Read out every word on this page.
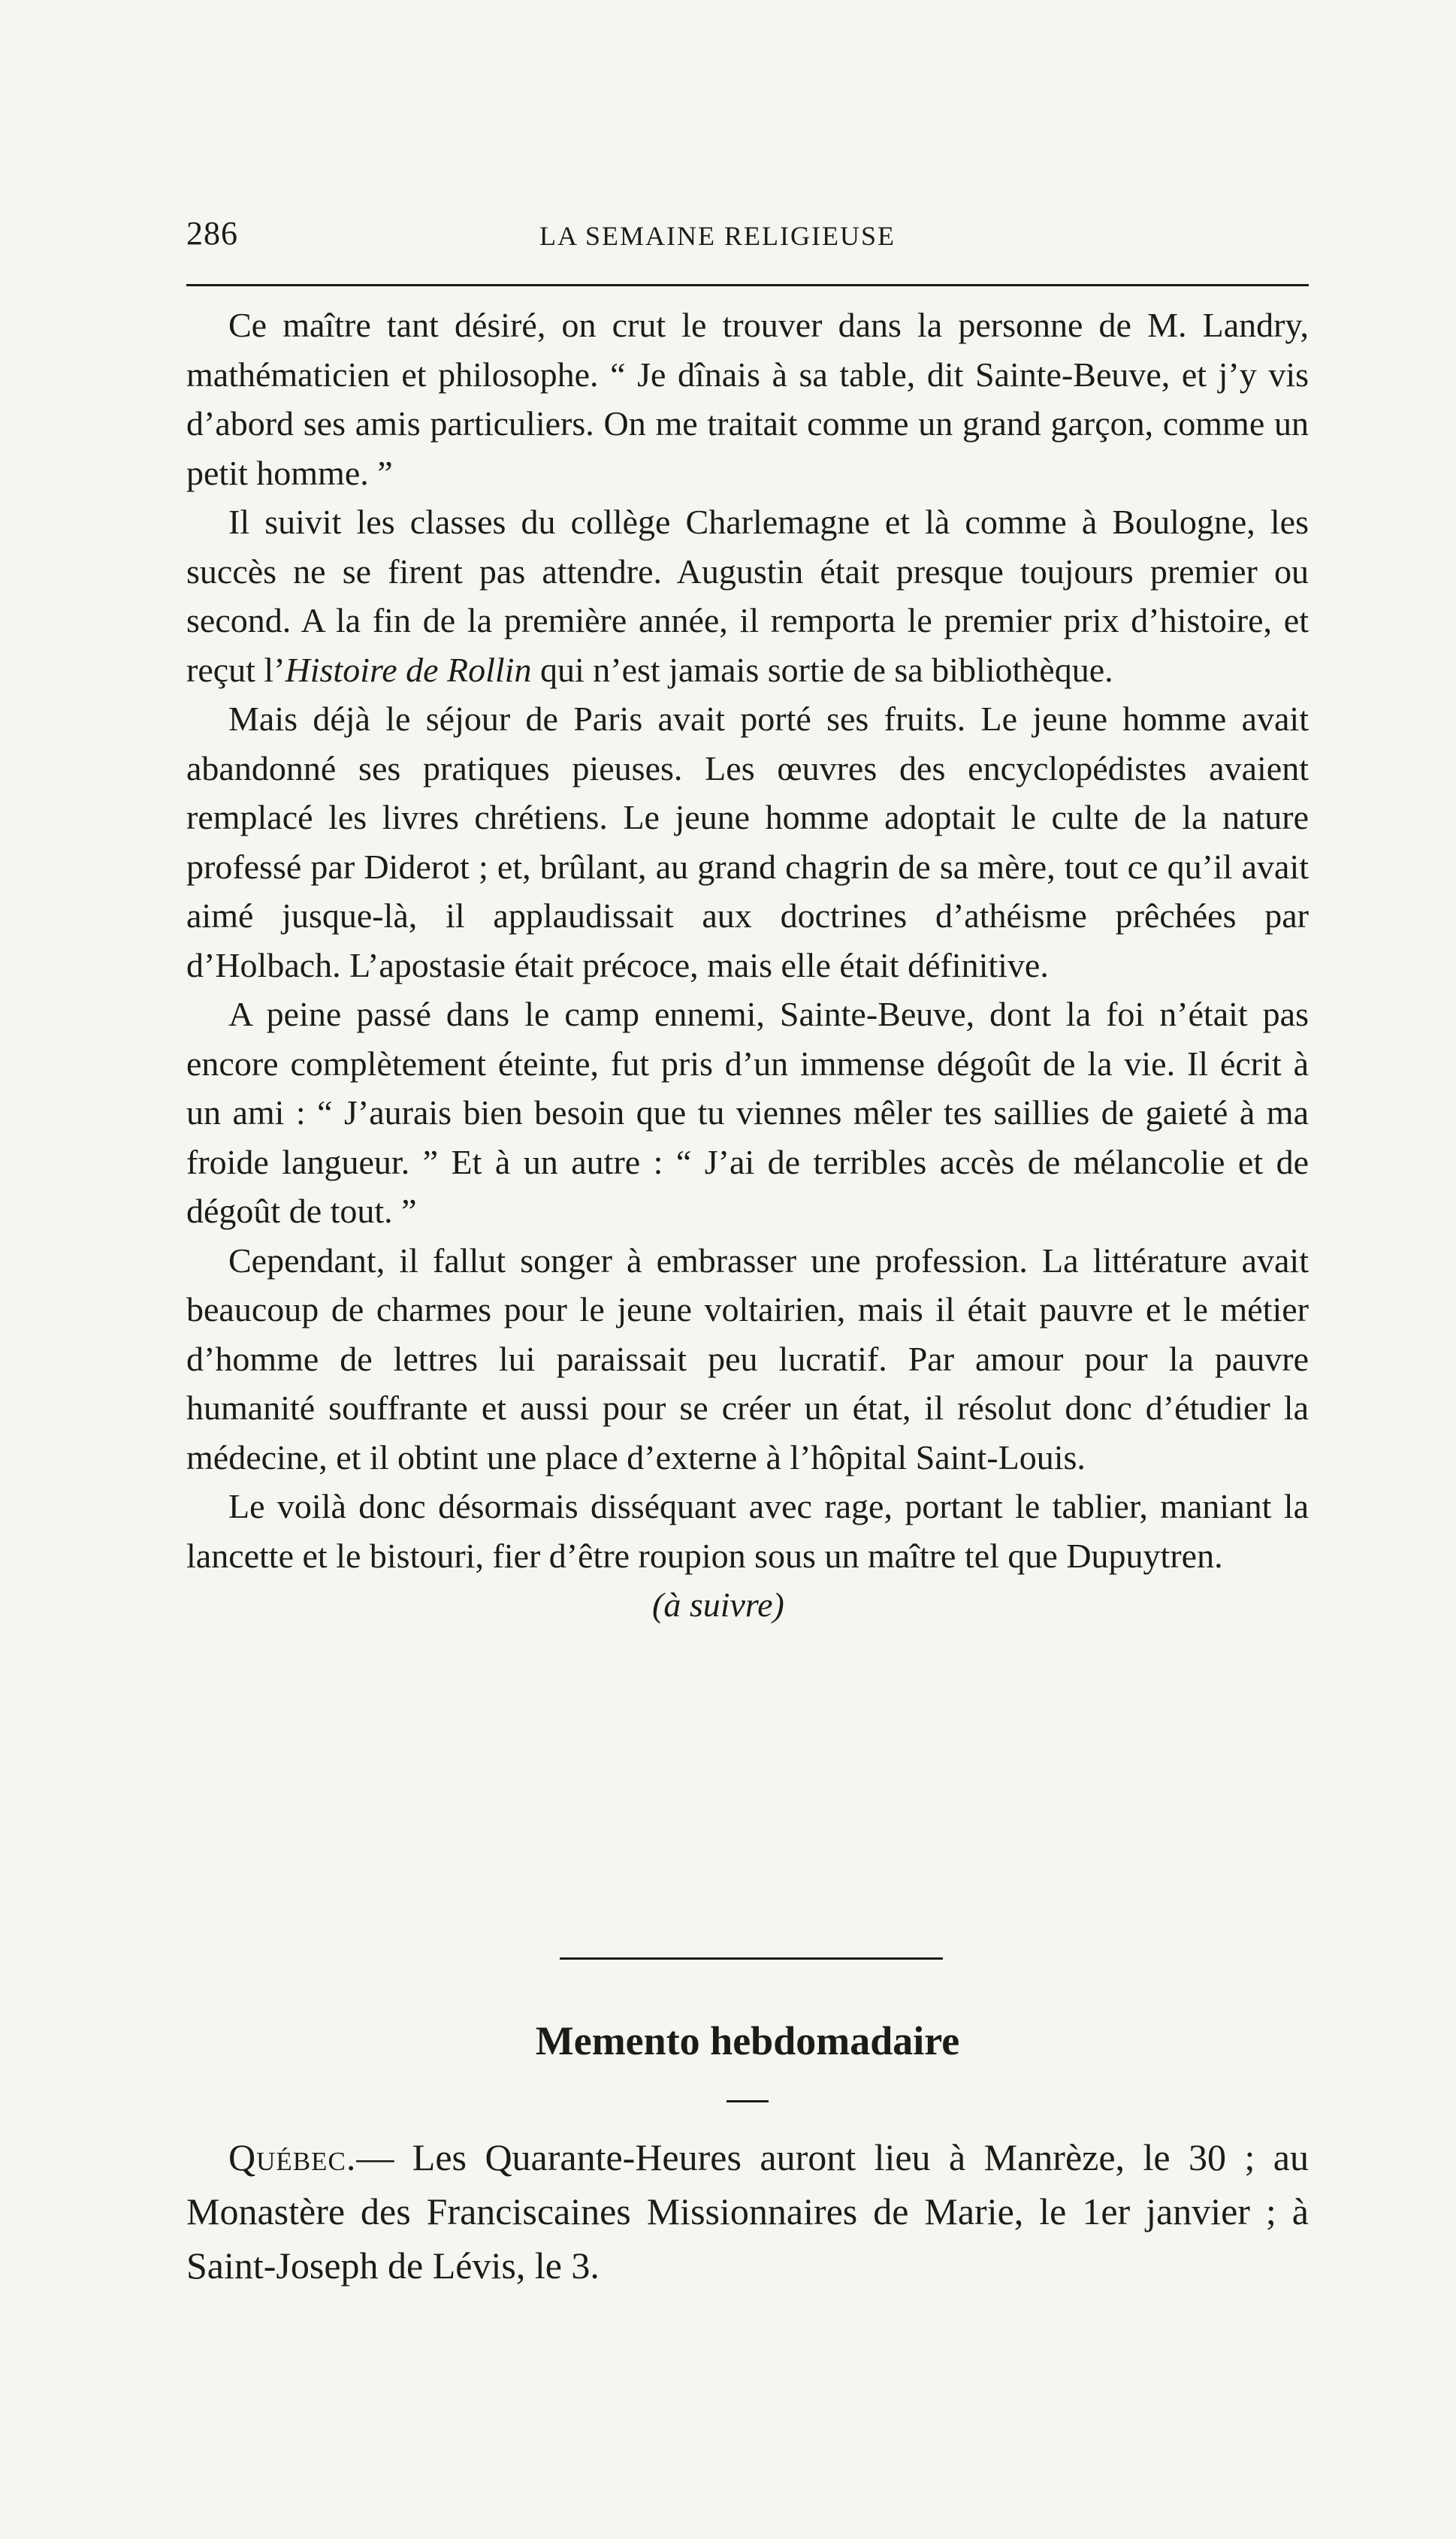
286	LA SEMAINE RELIGIEUSE

Ce maître tant désiré, on crut le trouver dans la personne de M. Landry, mathématicien et philosophe. “ Je dînais à sa table, dit Sainte-Beuve, et j’y vis d’abord ses amis particuliers. On me traitait comme un grand garçon, comme un petit homme. ”

Il suivit les classes du collège Charlemagne et là comme à Boulogne, les succès ne se firent pas attendre. Augustin était presque toujours premier ou second. A la fin de la première année, il remporta le premier prix d’histoire, et reçut l’Histoire de Rollin qui n’est jamais sortie de sa bibliothèque.

Mais déjà le séjour de Paris avait porté ses fruits. Le jeune homme avait abandonné ses pratiques pieuses. Les œuvres des encyclopédistes avaient remplacé les livres chrétiens. Le jeune homme adoptait le culte de la nature professé par Diderot ; et, brûlant, au grand chagrin de sa mère, tout ce qu’il avait aimé jusque-là, il applaudissait aux doctrines d’athéisme prêchées par d’Holbach. L’apostasie était précoce, mais elle était définitive.

A peine passé dans le camp ennemi, Sainte-Beuve, dont la foi n’était pas encore complètement éteinte, fut pris d’un immense dégoût de la vie. Il écrit à un ami : “ J’aurais bien besoin que tu viennes mêler tes saillies de gaieté à ma froide langueur. ” Et à un autre : “ J’ai de terribles accès de mélancolie et de dégoût de tout. ”

Cependant, il fallut songer à embrasser une profession. La littérature avait beaucoup de charmes pour le jeune voltairien, mais il était pauvre et le métier d’homme de lettres lui paraissait peu lucratif. Par amour pour la pauvre humanité souffrante et aussi pour se créer un état, il résolut donc d’étudier la médecine, et il obtint une place d’externe à l’hôpital Saint-Louis.

Le voilà donc désormais disséquant avec rage, portant le tablier, maniant la lancette et le bistouri, fier d’être roupion sous un maître tel que Dupuytren.

(à suivre)

Memento hebdomadaire

Québec.— Les Quarante-Heures auront lieu à Manrèze, le 30 ; au Monastère des Franciscaines Missionnaires de Marie, le 1er janvier ; à Saint-Joseph de Lévis, le 3.
